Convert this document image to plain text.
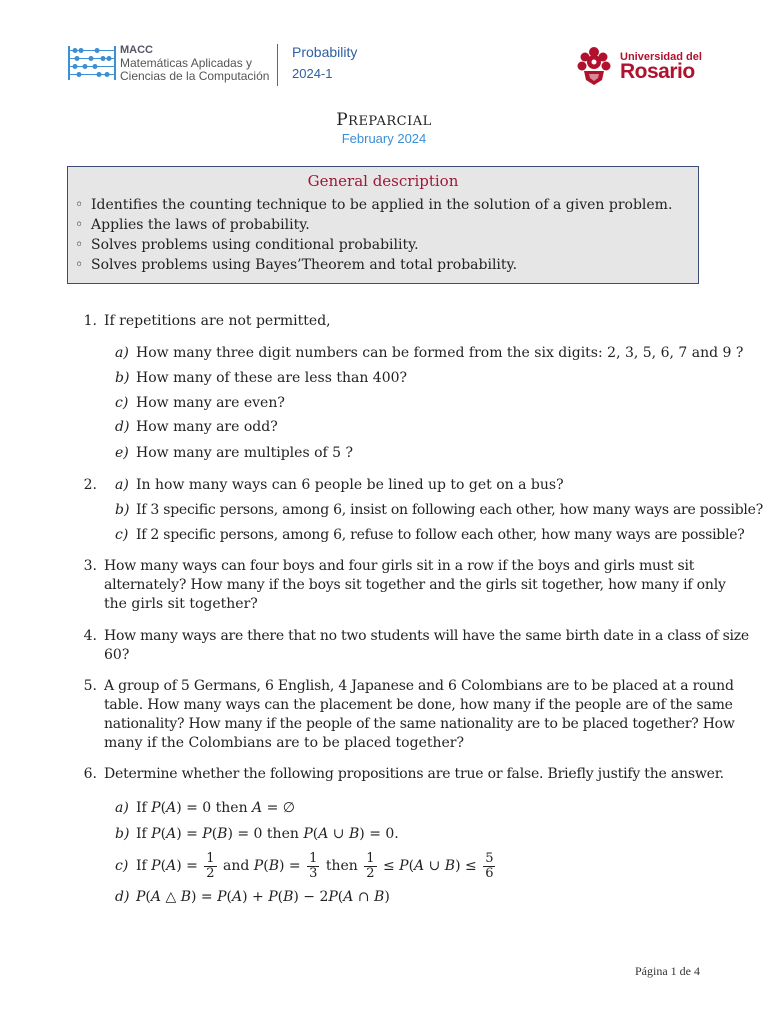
MACC
Matemáticas Aplicadas y
Ciencias de la Computación
Probability
2024-1
Universidad del
Rosario
PREPARCIAL
February 2024
General description
◦ Identifies the counting technique to be applied in the solution of a given problem.
◦ Applies the laws of probability.
◦ Solves problems using conditional probability.
◦ Solves problems using Bayes’Theorem and total probability.
1. If repetitions are not permitted,
a) How many three digit numbers can be formed from the six digits: 2, 3, 5, 6, 7 and 9 ?
b) How many of these are less than 400?
c) How many are even?
d) How many are odd?
e) How many are multiples of 5 ?
2. a) In how many ways can 6 people be lined up to get on a bus?
b) If 3 specific persons, among 6, insist on following each other, how many ways are possible?
c) If 2 specific persons, among 6, refuse to follow each other, how many ways are possible?
3. How many ways can four boys and four girls sit in a row if the boys and girls must sit
alternately? How many if the boys sit together and the girls sit together, how many if only
the girls sit together?
4. How many ways are there that no two students will have the same birth date in a class of size
60?
5. A group of 5 Germans, 6 English, 4 Japanese and 6 Colombians are to be placed at a round
table. How many ways can the placement be done, how many if the people are of the same
nationality? How many if the people of the same nationality are to be placed together? How
many if the Colombians are to be placed together?
6. Determine whether the following propositions are true or false. Briefly justify the answer.
a) If P(A) = 0 then A = ∅
b) If P(A) = P(B) = 0 then P(A ∪ B) = 0.
c) If $P(A) = \frac{1}{2}$ and $P(B) = \frac{1}{3}$ then $\frac{1}{2} \le P(A$ ∪ $B) \le \frac{5}{6}$
d) P(A △ B) = P(A) + P(B) − 2P(A ∩ B)
Página 1 de 4
